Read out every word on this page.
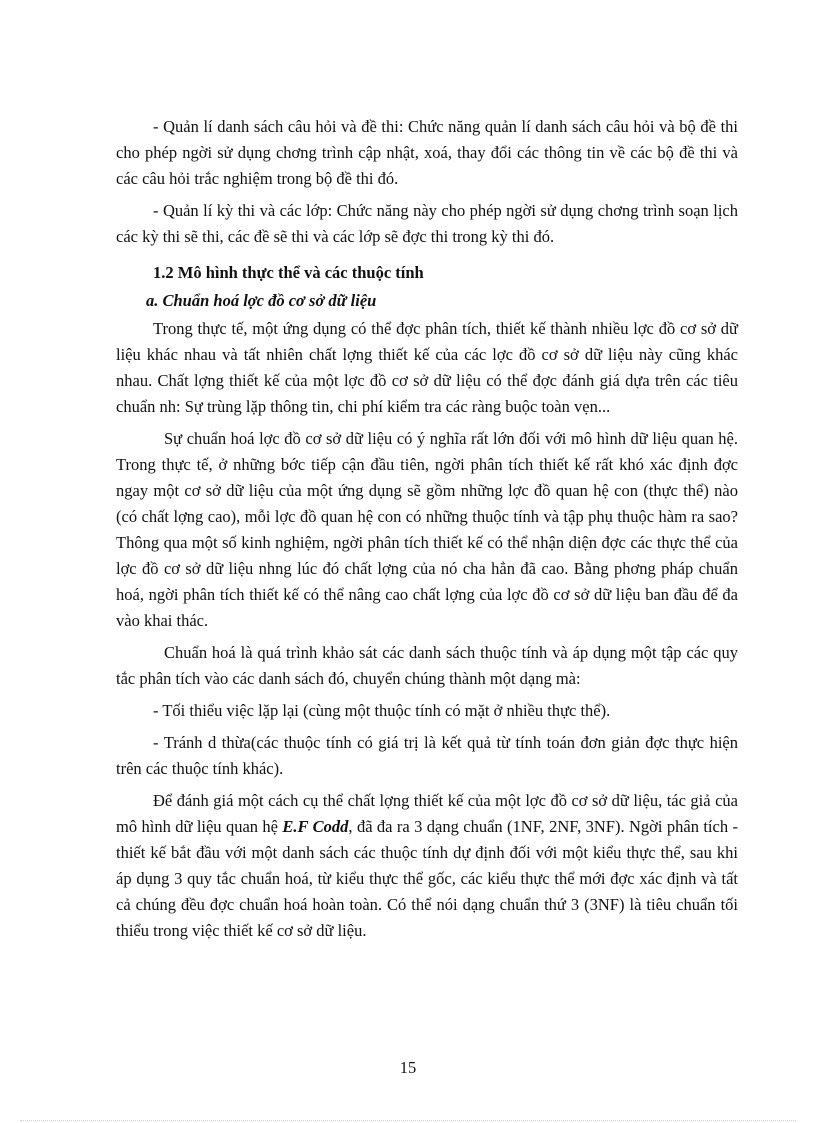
- Quản lí danh sách câu hỏi và đề thi: Chức năng quản lí danh sách câu hỏi và bộ đề thi cho phép ngời sử dụng chơng trình cập nhật, xoá, thay đổi các thông tin về các bộ đề thi và các câu hỏi trắc nghiệm trong bộ đề thi đó.

- Quản lí kỳ thi và các lớp: Chức năng này cho phép ngời sử dụng chơng trình soạn lịch các kỳ thi sẽ thi, các đề sẽ thi và các lớp sẽ đợc thi trong kỳ thi đó.

1.2 Mô hình thực thể và các thuộc tính

a. Chuẩn hoá lợc đồ cơ sở dữ liệu

Trong thực tế, một ứng dụng có thể đợc phân tích, thiết kế thành nhiều lợc đồ cơ sở dữ liệu khác nhau và tất nhiên chất lợng thiết kế của các lợc đồ cơ sở dữ liệu này cũng khác nhau. Chất lợng thiết kế của một lợc đồ cơ sở dữ liệu có thể đợc đánh giá dựa trên các tiêu chuẩn nh: Sự trùng lặp thông tin, chi phí kiểm tra các ràng buộc toàn vẹn...

Sự chuẩn hoá lợc đồ cơ sở dữ liệu có ý nghĩa rất lớn đối với mô hình dữ liệu quan hệ. Trong thực tế, ở những bớc tiếp cận đầu tiên, ngời phân tích thiết kế rất khó xác định đợc ngay một cơ sở dữ liệu của một ứng dụng sẽ gồm những lợc đồ quan hệ con (thực thể) nào (có chất lợng cao), mỗi lợc đồ quan hệ con có những thuộc tính và tập phụ thuộc hàm ra sao? Thông qua một số kinh nghiệm, ngời phân tích thiết kế có thể nhận diện đợc các thực thể của lợc đồ cơ sở dữ liệu nhng lúc đó chất lợng của nó cha hẳn đã cao. Bằng phơng pháp chuẩn hoá, ngời phân tích thiết kế có thể nâng cao chất lợng của lợc đồ cơ sở dữ liệu ban đầu để đa vào khai thác.

Chuẩn hoá là quá trình khảo sát các danh sách thuộc tính và áp dụng một tập các quy tắc phân tích vào các danh sách đó, chuyển chúng thành một dạng mà:

- Tối thiểu việc lặp lại (cùng một thuộc tính có mặt ở nhiều thực thể).

- Tránh d thừa(các thuộc tính có giá trị là kết quả từ tính toán đơn giản đợc thực hiện trên các thuộc tính khác).

Để đánh giá một cách cụ thể chất lợng thiết kế của một lợc đồ cơ sở dữ liệu, tác giả của mô hình dữ liệu quan hệ E.F Codd, đã đa ra 3 dạng chuẩn (1NF, 2NF, 3NF). Ngời phân tích - thiết kế bắt đầu với một danh sách các thuộc tính dự định đối với một kiểu thực thể, sau khi áp dụng 3 quy tắc chuẩn hoá, từ kiểu thực thể gốc, các kiểu thực thể mới đợc xác định và tất cả chúng đều đợc chuẩn hoá hoàn toàn. Có thể nói dạng chuẩn thứ 3 (3NF) là tiêu chuẩn tối thiểu trong việc thiết kế cơ sở dữ liệu.

15
